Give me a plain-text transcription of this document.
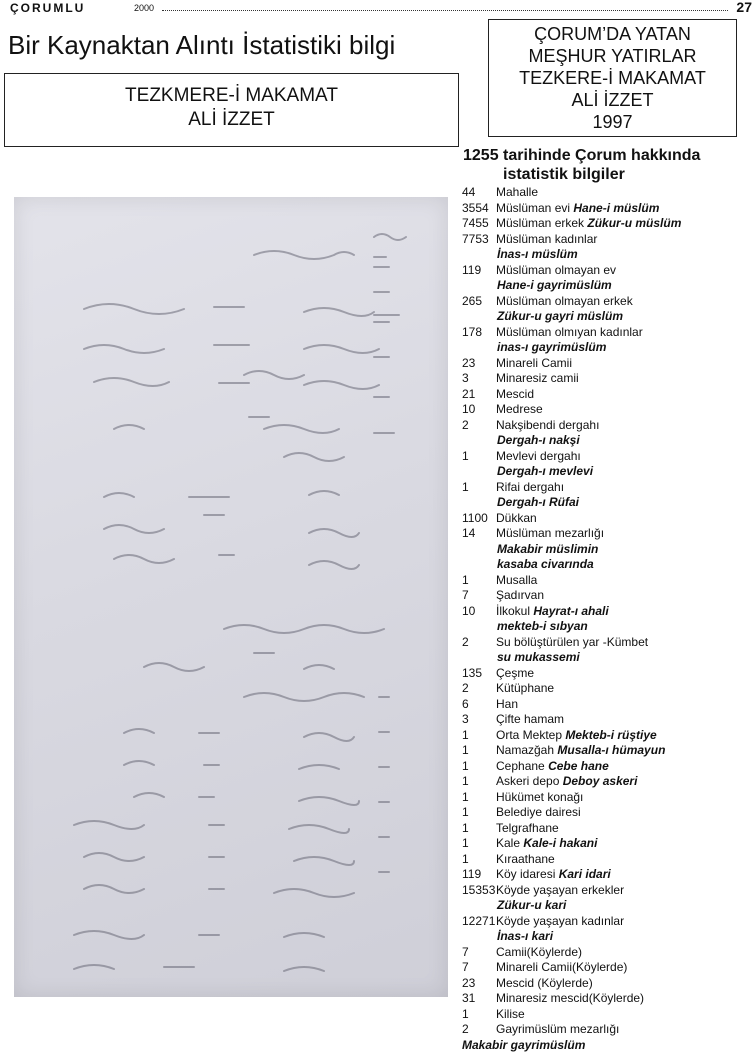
ÇORUMLU	2000	27
Bir Kaynaktan Alıntı İstatistiki bilgi
TEZKMERE-İ MAKAMAT
ALİ İZZET
ÇORUM’DA YATAN
MEŞHUR YATIRLAR
TEZKERE-İ MAKAMAT
ALİ İZZET
1997
1255 tarihinde Çorum hakkında
istatistik bilgiler
44 Mahalle
3554 Müslüman evi Hane-i müslüm
7455 Müslüman erkek Zükur-u müslüm
7753 Müslüman kadınlar
İnas-ı müslüm
119 Müslüman olmayan ev
Hane-i gayrimüslüm
265 Müslüman olmayan erkek
Zükur-u gayri müslüm
178 Müslüman olmıyan kadınlar
inas-ı gayrimüslüm
23 Minareli Camii
3 Minaresiz camii
21 Mescid
10 Medrese
2 Nakşibendi dergahı
Dergah-ı nakşi
1 Mevlevi dergahı
Dergah-ı mevlevi
1 Rifai dergahı
Dergah-ı Rüfai
1100 Dükkan
14 Müslüman mezarlığı
Makabir müslimin
kasaba civarında
1 Musalla
7 Şadırvan
10 İlkokul Hayrat-ı ahali
mekteb-i sıbyan
2 Su bölüştürülen yar -Kümbet
su mukassemi
135 Çeşme
2 Kütüphane
6 Han
3 Çifte hamam
1 Orta Mektep Mekteb-i rüştiye
1 Namazğah Musalla-ı hümayun
1 Cephane Cebe hane
1 Askeri depo Deboy askeri
1 Hükümet konağı
1 Belediye dairesi
1 Telgrafhane
1 Kale Kale-i hakani
1 Kıraathane
119 Köy idaresi Kari idari
15353Köyde yaşayan erkekler
Zükur-u kari
12271Köyde yaşayan kadınlar
İnas-ı kari
7 Camii(Köylerde)
7 Minareli Camii(Köylerde)
23 Mescid (Köylerde)
31 Minaresiz mescid(Köylerde)
1 Kilise
2 Gayrimüslüm mezarlığı
Makabir gayrimüslüm
